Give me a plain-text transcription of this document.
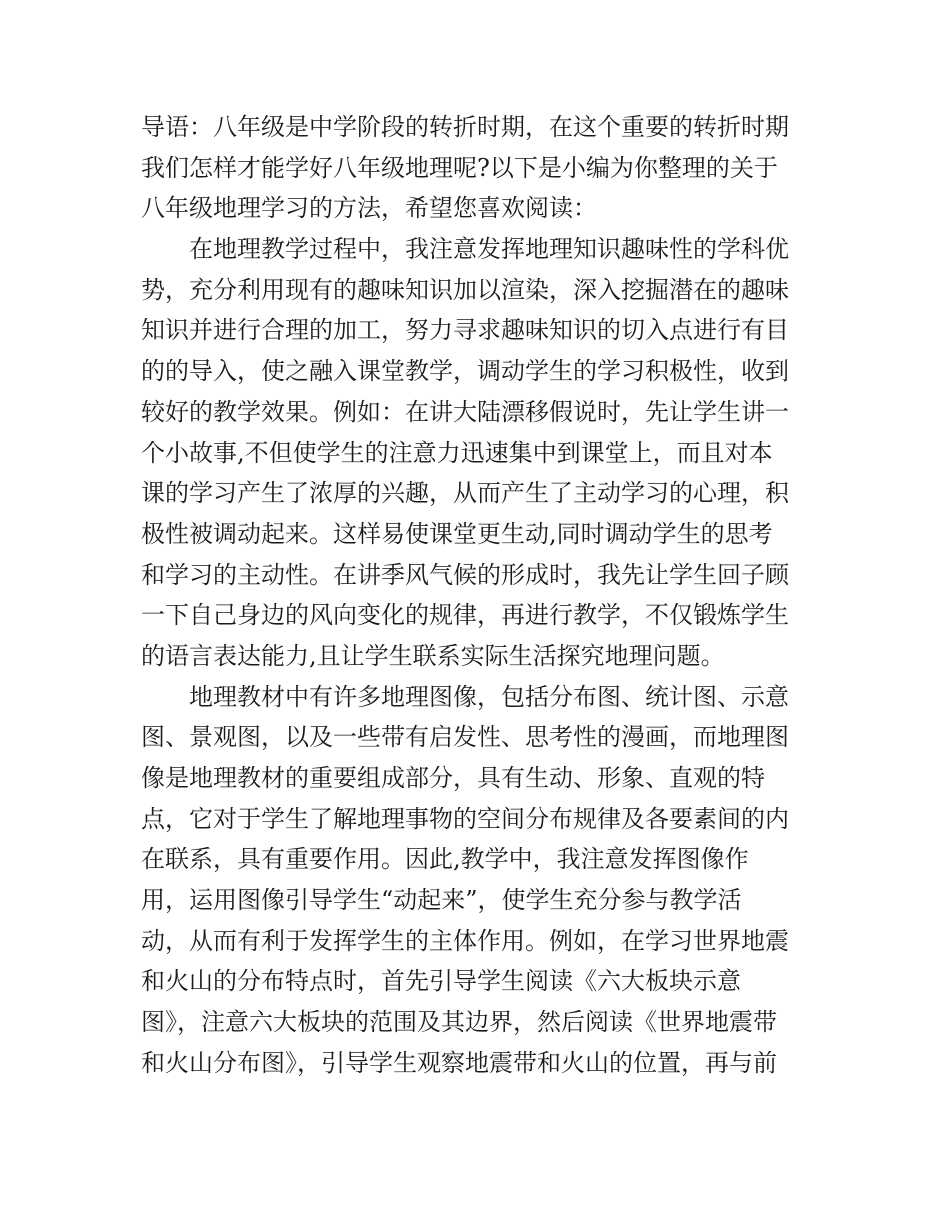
导语：八年级是中学阶段的转折时期，在这个重要的转折时期
我们怎样才能学好八年级地理呢?以下是小编为你整理的关于
八年级地理学习的方法，希望您喜欢阅读：
在地理教学过程中，我注意发挥地理知识趣味性的学科优
势，充分利用现有的趣味知识加以渲染，深入挖掘潜在的趣味
知识并进行合理的加工，努力寻求趣味知识的切入点进行有目
的的导入，使之融入课堂教学，调动学生的学习积极性，收到
较好的教学效果。例如：在讲大陆漂移假说时，先让学生讲一
个小故事,不但使学生的注意力迅速集中到课堂上，而且对本
课的学习产生了浓厚的兴趣，从而产生了主动学习的心理，积
极性被调动起来。这样易使课堂更生动,同时调动学生的思考
和学习的主动性。在讲季风气候的形成时，我先让学生回子顾
一下自己身边的风向变化的规律，再进行教学，不仅锻炼学生
的语言表达能力,且让学生联系实际生活探究地理问题。
地理教材中有许多地理图像，包括分布图、统计图、示意
图、景观图，以及一些带有启发性、思考性的漫画，而地理图
像是地理教材的重要组成部分，具有生动、形象、直观的特
点，它对于学生了解地理事物的空间分布规律及各要素间的内
在联系，具有重要作用。因此,教学中，我注意发挥图像作
用，运用图像引导学生“动起来”，使学生充分参与教学活
动，从而有利于发挥学生的主体作用。例如，在学习世界地震
和火山的分布特点时，首先引导学生阅读《六大板块示意
图》，注意六大板块的范围及其边界，然后阅读《世界地震带
和火山分布图》，引导学生观察地震带和火山的位置，再与前
